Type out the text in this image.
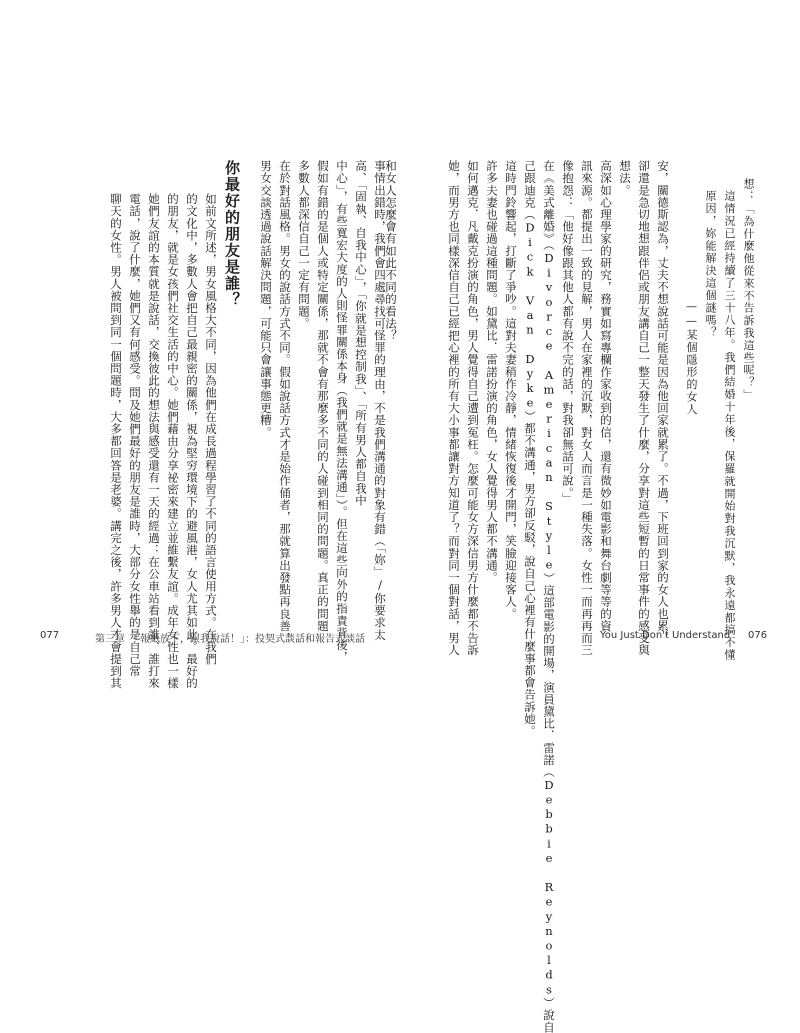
聊天的女性。男人被問到同一個問題時，大多都回答是老婆。講完之後，許多男人才會提到其 電話，說了什麼，她們又有何感受。問及她們最好的朋友是誰時，大部分女性舉的是自己常 她們友誼的本質就是說話，交換彼此的想法與感受還有一天的經過：在公車站看到誰、誰打來 的朋友，就是女孩們社交生活的中心。她們藉由分享祕密來建立並維繫友誼。成年女性也一樣 的文化中，多數人會把自己最親密的關係，視為堅穷環境下的避風港，女人尤其如此。最好的 如前文所述，男女風格大不同，因為他們在成長過程學習了不同的語言使用方式。在我們 你最好的朋友是誰？ 男女交談透過說話解決問題，可能只會讓事態更糟。 在於對話風格。男女的說話方式不同。假如說話方式才是始作俑者，那就算出發點再良善， 多數人都深信自己一定有問題。 假如有錯的是個人或特定關係，那就不會有那麼多不同的人碰到相同的問題。真正的問題 中心」，有些寬宏大度的人則怪罪關係本身（我們就是無法溝通」）。但在這些向外的指責背後， 高、「固執、自我中心」，「你就是想控制我」、「所有男人都自我中 事情出錯時，我們會四處尋找可怪罪的理由，不是我們溝通的對象有錯（「妳」/你要求太
和女人怎麼會有如此不同的看法？	她，而男方也同樣深信自己已經把心裡的所有大小事都讓對方知道了？而對同一個對話，男人 如何邁克．凡戴克扮演的角色，男人覺得自己遭到冤枉。怎麼可能女方深信男方什麼都不告訴 許多夫妻也碰過這種問題。如黛比．雷諾扮演的角色，女人覺得男人都不溝通。 這時門鈴響起，打斷了爭吵。這對夫妻稍作冷靜，情緒恢復後才開門，笑臉迎接客人。 己跟迪克（Dick Van Dyke）都不溝通，男方卻反駁，說自己心裡有什麼事都會告訴她。 在《美式離婚》（Divorce American Style）這部電影的開場，演員黛比．雷諾（Debbie Reynolds）說自 像抱怨：「他好像跟其他人都有說不完的話，對我卻無話可說。」 訊來源。都提出一致的見解，男人在家裡的沉默，對女人而言是一種失落。女性一而再再而三 高深如心理學家的研究，務實如寫專欄作家收到的信，還有微妙如電影和舞台劇等等的資 想法。 卻還是急切地想跟伴侶或朋友講自己一整天發生了什麼，分享對這些短暫的日常事件的感受與 安，關德斯認為，丈夫不想說話可能是因為他回家就累了。不過，下班回到家的女人也累， ——某個隱形的女人
原因，妳能解決這個謎嗎？ 這情況已經持續了三十八年。我們結婚十年後，保羅就開始對我沉默，我永遠都搞不懂 想：「為什麼他從來不告訴我這些呢？」
077	第三章　「報紙放下，跟我說話！」：投契式談話和報告式談話	You Just Don't Understand 076
